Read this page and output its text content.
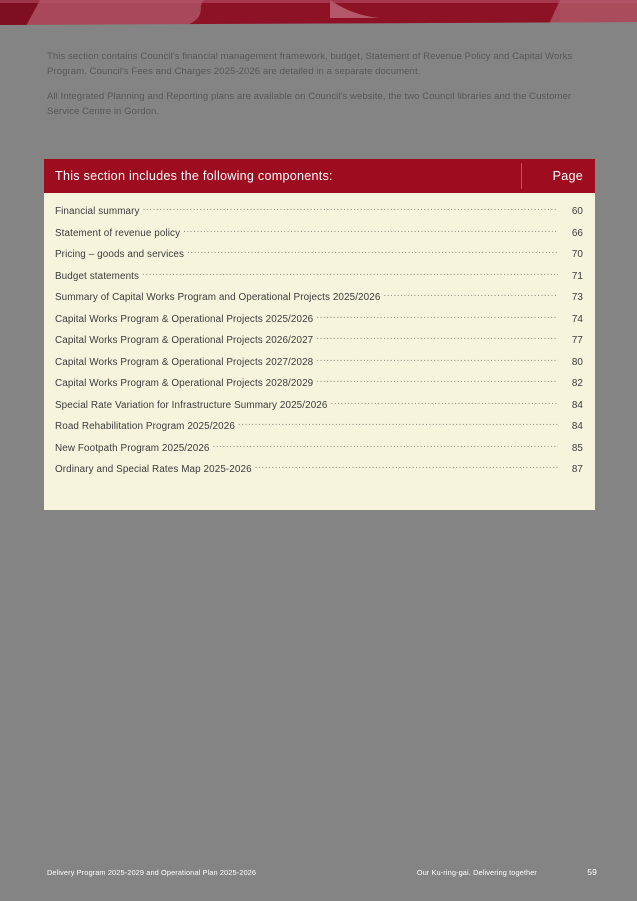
This section contains Council's financial management framework, budget, Statement of Revenue Policy and Capital Works Program. Council's Fees and Charges 2025-2026 are detailed in a separate document.

All Integrated Planning and Reporting plans are available on Council's website, the two Council libraries and the Customer Service Centre in Gordon.

This section includes the following components:	Page
Financial summary .....	60
Statement of revenue policy .....	66
Pricing – goods and services .....	70
Budget statements .....	71
Summary of Capital Works Program and Operational Projects 2025/2026 .....	73
Capital Works Program & Operational Projects 2025/2026 .....	74
Capital Works Program & Operational Projects 2026/2027 .....	77
Capital Works Program & Operational Projects 2027/2028 .....	80
Capital Works Program & Operational Projects 2028/2029 .....	82
Special Rate Variation for Infrastructure Summary 2025/2026 .....	84
Road Rehabilitation Program 2025/2026 .....	84
New Footpath Program 2025/2026 .....	85
Ordinary and Special Rates Map 2025-2026 .....	87
Delivery Program 2025-2029 and Operational Plan 2025-2026	Our Ku-ring-gai. Delivering together	59
